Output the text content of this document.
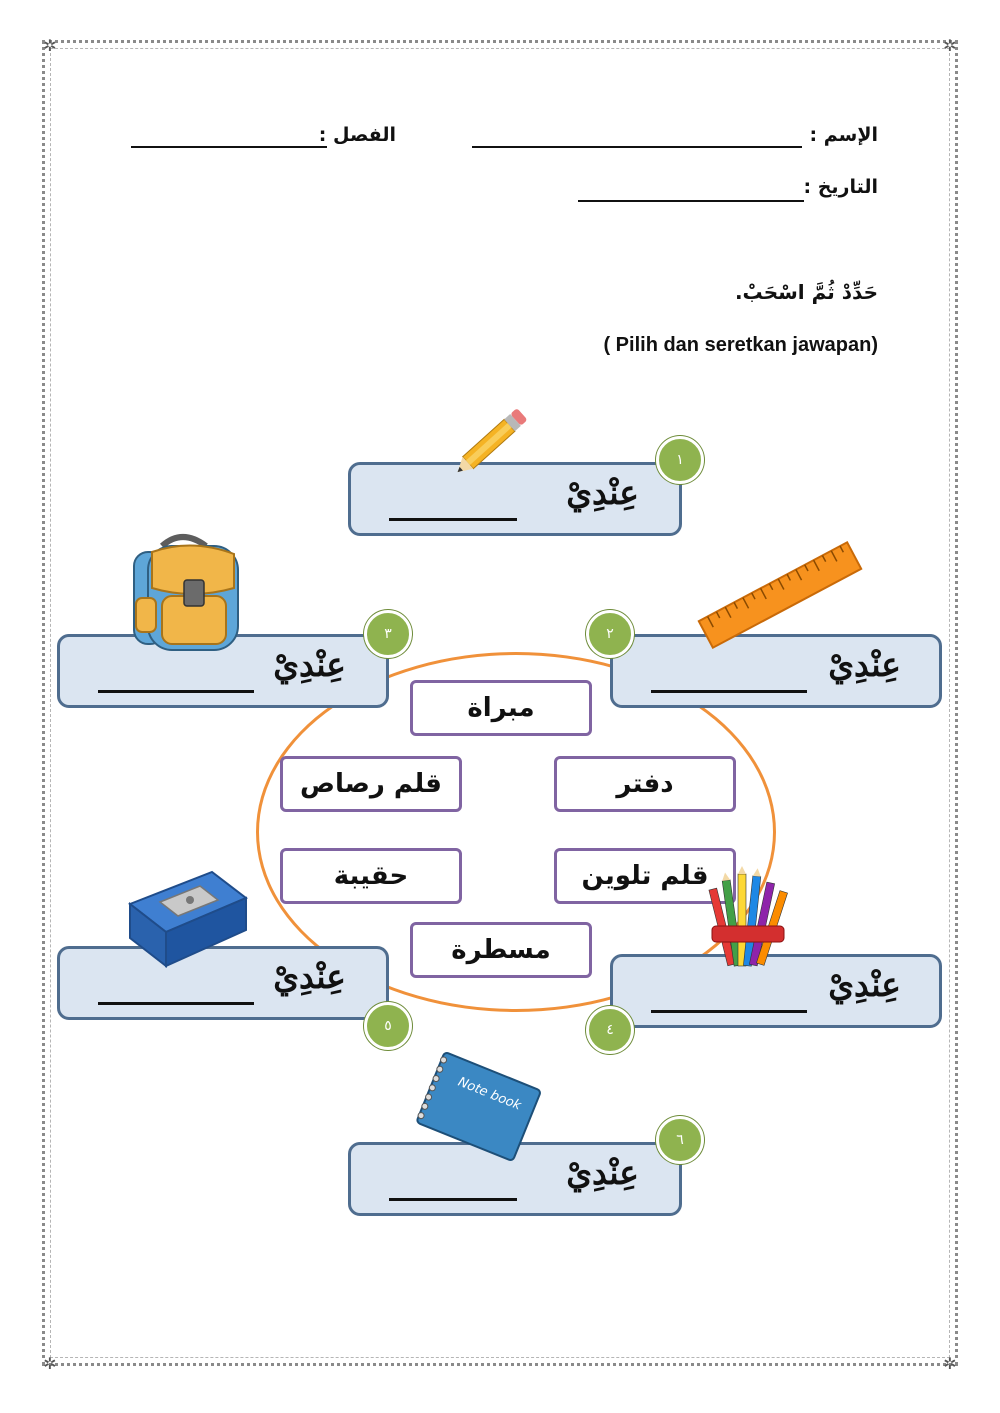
✲	✲
✲	✲
الإسم :
الفصل :
التاريخ :
حَدِّدْ ثُمَّ اسْحَبْ.
( Pilih dan seretkan jawapan)
عِنْدِيْ
١
عِنْدِيْ
٢
عِنْدِيْ
٣
عِنْدِيْ
٤
عِنْدِيْ
٥
عِنْدِيْ
٦
مبراة
قلم رصاص	دفتر
حقيبة	قلم تلوين
مسطرة
Note book
